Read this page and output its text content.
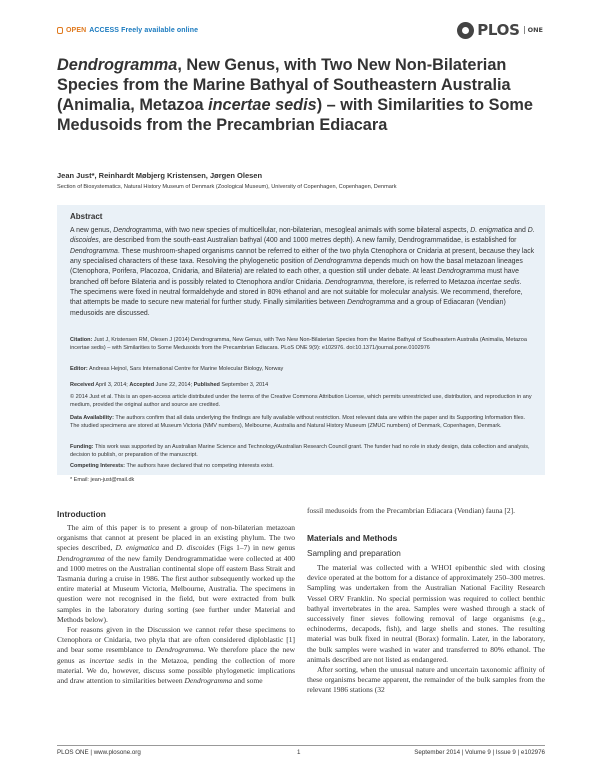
OPEN ACCESS Freely available online	PLOS	ONE
Dendrogramma, New Genus, with Two New Non-Bilaterian Species from the Marine Bathyal of Southeastern Australia (Animalia, Metazoa incertae sedis) – with Similarities to Some Medusoids from the Precambrian Ediacara
Jean Just*, Reinhardt Møbjerg Kristensen, Jørgen Olesen
Section of Biosystematics, Natural History Museum of Denmark (Zoological Museum), University of Copenhagen, Copenhagen, Denmark
Abstract
A new genus, Dendrogramma, with two new species of multicellular, non-bilaterian, mesogleal animals with some bilateral aspects, D. enigmatica and D. discoides, are described from the south-east Australian bathyal (400 and 1000 metres depth). A new family, Dendrogrammatidae, is established for Dendrogramma. These mushroom-shaped organisms cannot be referred to either of the two phyla Ctenophora or Cnidaria at present, because they lack any specialised characters of these taxa. Resolving the phylogenetic position of Dendrogramma depends much on how the basal metazoan lineages (Ctenophora, Porifera, Placozoa, Cnidaria, and Bilateria) are related to each other, a question still under debate. At least Dendrogramma must have branched off before Bilateria and is possibly related to Ctenophora and/or Cnidaria. Dendrogramma, therefore, is referred to Metazoa incertae sedis. The specimens were fixed in neutral formaldehyde and stored in 80% ethanol and are not suitable for molecular analysis. We recommend, therefore, that attempts be made to secure new material for further study. Finally similarities between Dendrogramma and a group of Ediacaran (Vendian) medusoids are discussed.
Citation: Just J, Kristensen RM, Olesen J (2014) Dendrogramma, New Genus, with Two New Non-Bilaterian Species from the Marine Bathyal of Southeastern Australia (Animalia, Metazoa incertae sedis) – with Similarities to Some Medusoids from the Precambrian Ediacara. PLoS ONE 9(9): e102976. doi:10.1371/journal.pone.0102976
Editor: Andreas Hejnol, Sars International Centre for Marine Molecular Biology, Norway
Received April 3, 2014; Accepted June 22, 2014; Published September 3, 2014
© 2014 Just et al. This is an open-access article distributed under the terms of the Creative Commons Attribution License, which permits unrestricted use, distribution, and reproduction in any medium, provided the original author and source are credited.
Data Availability: The authors confirm that all data underlying the findings are fully available without restriction. Most relevant data are within the paper and its Supporting Information files. The studied specimens are stored at Museum Victoria (NMV numbers), Melbourne, Australia and Natural History Museum (ZMUC numbers) of Denmark, Copenhagen, Denmark.
Funding: This work was supported by an Australian Marine Science and Technology/Australian Research Council grant. The funder had no role in study design, data collection and analysis, decision to publish, or preparation of the manuscript.
Competing Interests: The authors have declared that no competing interests exist.
* Email: jean-just@mail.dk
Introduction

The aim of this paper is to present a group of non-bilaterian metazoan organisms that cannot at present be placed in an existing phylum. The two species described, D. enigmatica and D. discoides (Figs 1–7) in new genus Dendrogramma of the new family Dendrogrammatidae were collected at 400 and 1000 metres on the Australian continental slope off eastern Bass Strait and Tasmania during a cruise in 1986. The first author subsequently worked up the entire material at Museum Victoria, Melbourne, Australia. The specimens in question were not recognised in the field, but were extracted from bulk samples in the laboratory during sorting (see further under Material and Methods below).

For reasons given in the Discussion we cannot refer these specimens to Ctenophora or Cnidaria, two phyla that are often considered diploblastic [1] and bear some resemblance to Dendrogramma. We therefore place the new genus as incertae sedis in the Metazoa, pending the collection of more material. We do, however, discuss some possible phylogenetic implications and draw attention to similarities between Dendrogramma and some

fossil medusoids from the Precambrian Ediacara (Vendian) fauna [2].
Materials and Methods
Sampling and preparation

The material was collected with a WHOI epibenthic sled with closing device operated at the bottom for a distance of approximately 250–300 metres. Sampling was undertaken from the Australian National Facility Research Vessel ORV Franklin. No special permission was required to collect benthic bathyal invertebrates in the area. Samples were washed through a stack of successively finer sieves following removal of large organisms (e.g., echinoderms, decapods, fish), and large shells and stones. The resulting material was bulk fixed in neutral (Borax) formalin. Later, in the laboratory, the bulk samples were washed in water and transferred to 80% ethanol. The animals described are not listed as endangered.

After sorting, when the unusual nature and uncertain taxonomic affinity of these organisms became apparent, the remainder of the bulk samples from the relevant 1986 stations (32

PLOS ONE | www.plosone.org	1	September 2014 | Volume 9 | Issue 9 | e102976
